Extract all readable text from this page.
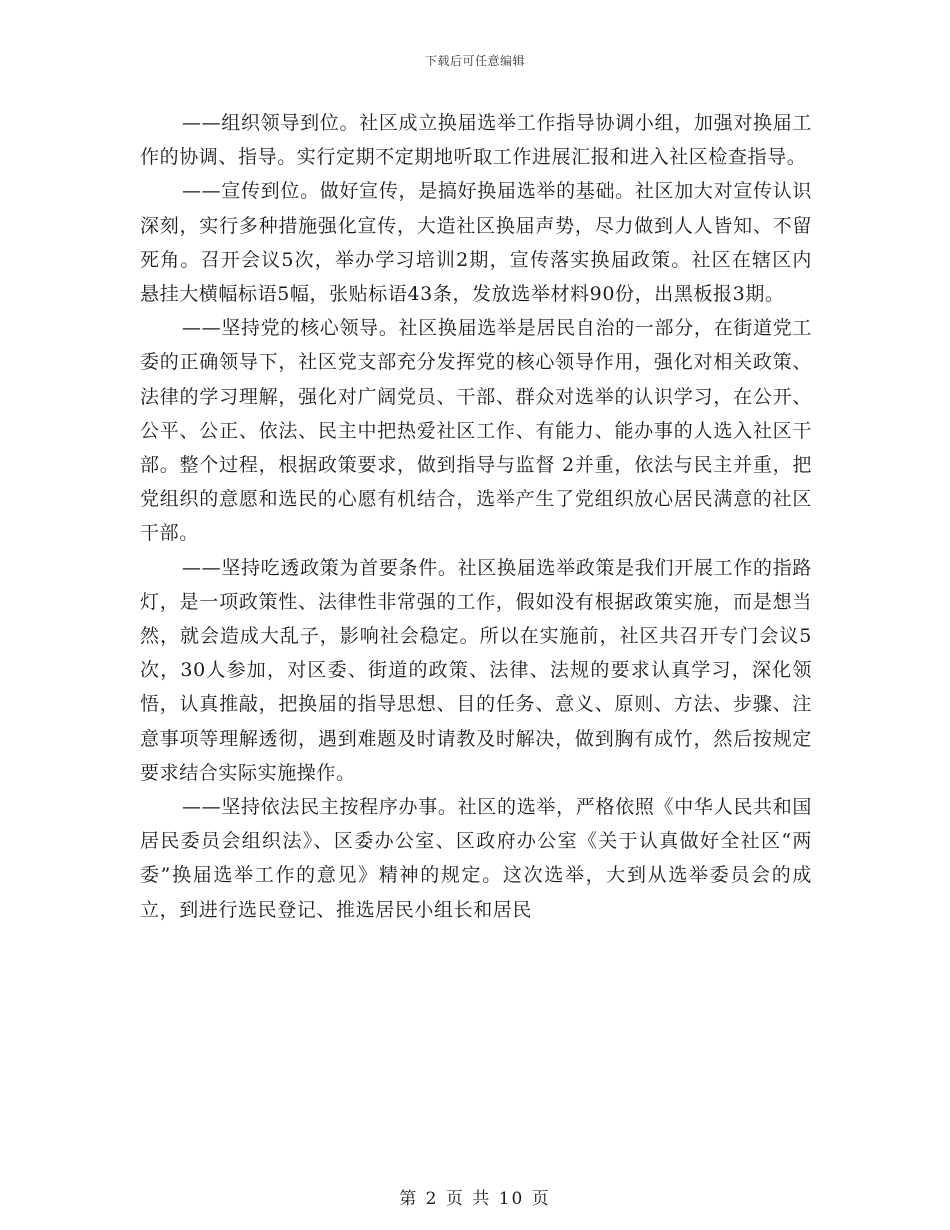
下载后可任意编辑

——组织领导到位。社区成立换届选举工作指导协调小组，加强对换届工作的协调、指导。实行定期不定期地听取工作进展汇报和进入社区检查指导。

——宣传到位。做好宣传，是搞好换届选举的基础。社区加大对宣传认识深刻，实行多种措施强化宣传，大造社区换届声势，尽力做到人人皆知、不留死角。召开会议5次，举办学习培训2期，宣传落实换届政策。社区在辖区内悬挂大横幅标语5幅，张贴标语43条，发放选举材料90份，出黑板报3期。

——坚持党的核心领导。社区换届选举是居民自治的一部分，在街道党工委的正确领导下，社区党支部充分发挥党的核心领导作用，强化对相关政策、法律的学习理解，强化对广阔党员、干部、群众对选举的认识学习，在公开、公平、公正、依法、民主中把热爱社区工作、有能力、能办事的人选入社区干部。整个过程，根据政策要求，做到指导与监督 2并重，依法与民主并重，把党组织的意愿和选民的心愿有机结合，选举产生了党组织放心居民满意的社区干部。

——坚持吃透政策为首要条件。社区换届选举政策是我们开展工作的指路灯，是一项政策性、法律性非常强的工作，假如没有根据政策实施，而是想当然，就会造成大乱子，影响社会稳定。所以在实施前，社区共召开专门会议5次，30人参加，对区委、街道的政策、法律、法规的要求认真学习，深化领悟，认真推敲，把换届的指导思想、目的任务、意义、原则、方法、步骤、注意事项等理解透彻，遇到难题及时请教及时解决，做到胸有成竹，然后按规定要求结合实际实施操作。

——坚持依法民主按程序办事。社区的选举，严格依照《中华人民共和国居民委员会组织法》、区委办公室、区政府办公室《关于认真做好全社区“两委”换届选举工作的意见》精神的规定。这次选举，大到从选举委员会的成立，到进行选民登记、推选居民小组长和居民

第 2 页 共 10 页
